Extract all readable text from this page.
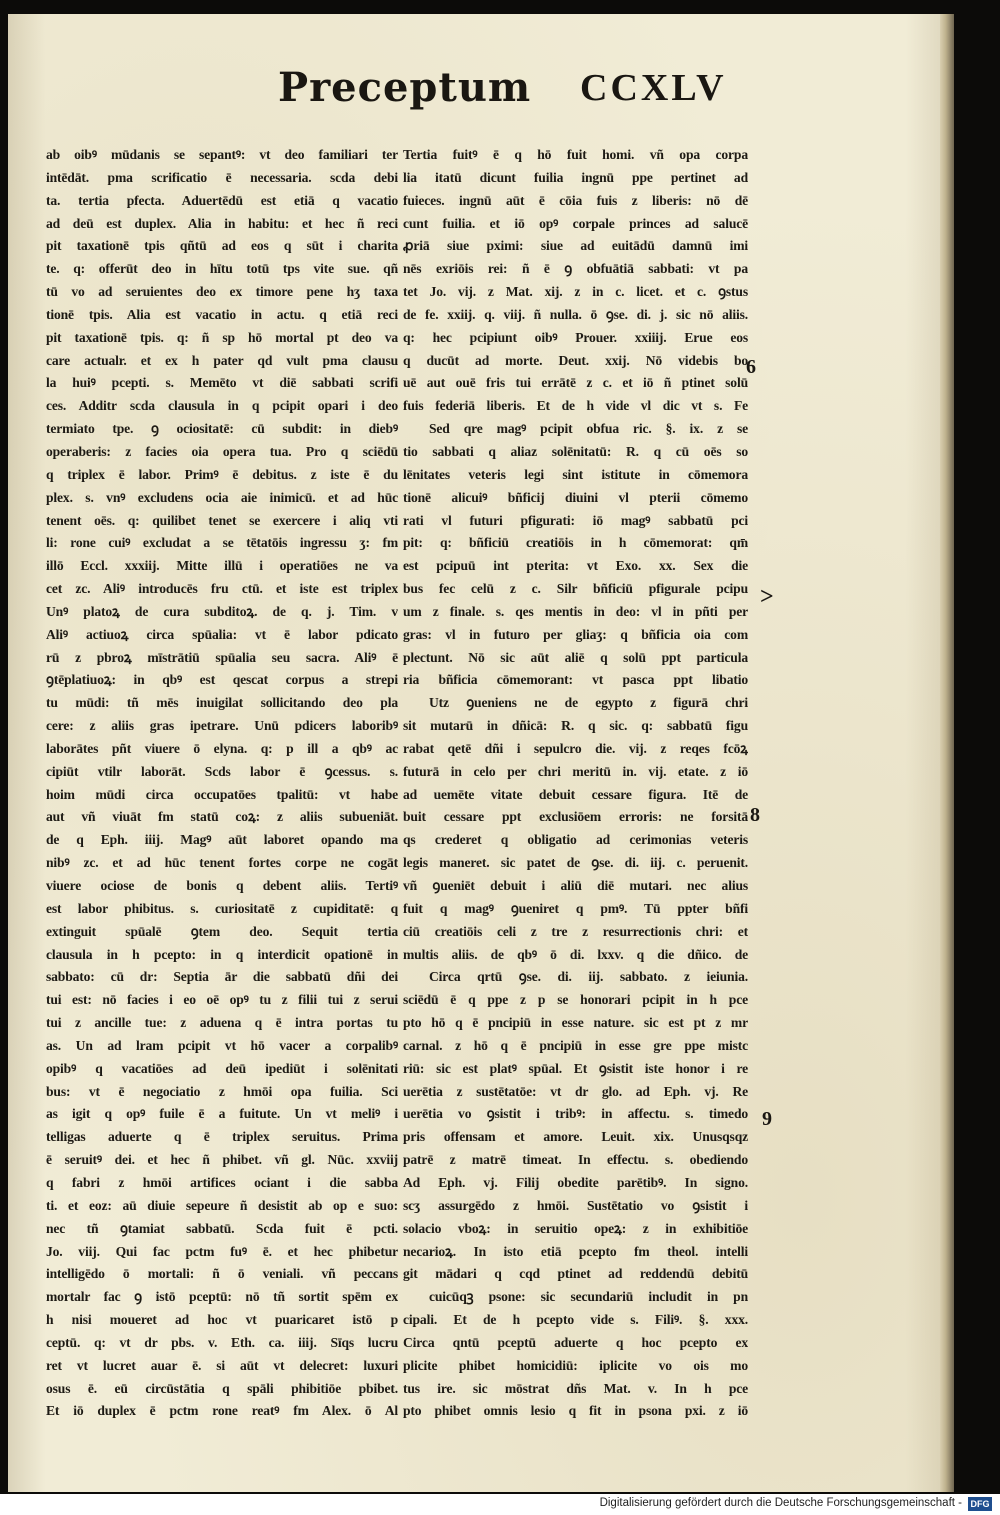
Preceptum CCXLV
ab oibꝰ mūdanis se sepantꝰ: vt deo familiari ter
intēdāt. pma scrificatio ē necessaria. scda debi
ta. tertia pfecta. Aduertēdū est etiā q vacatio
ad deū est duplex. Alia in habitu: et hec ñ reci
pit taxationē tpis qñtū ad eos q sūt i charita
te. q: offerūt deo in hītu totū tps vite sue. qñ
tū vo ad seruientes deo ex timore pene hʒ taxa
tionē tpis. Alia est vacatio in actu. q etiā reci
pit taxationē tpis. q: ñ sp hō mortal pt deo va
care actualr. et ex h pater qd vult pma clausu
la huiꝰ pcepti. s. Memēto vt diē sabbati scrifi
ces. Additr scda clausula in q pcipit opari i deo
termiato tpe. ꝯ ociositatē: cū subdit: in diebꝰ
operaberis: z facies oia opera tua. Pro q sciēdū
q triplex ē labor. Primꝰ ē debitus. z iste ē du
plex. s. vnꝰ excludens ocia aie inimicū. et ad hūc
tenent oēs. q: quilibet tenet se exercere i aliq vti
li: rone cuiꝰ excludat a se tētatōis ingressu ʒ: fm
illō Eccl. xxxiij. Mitte illū i operatiōes ne va
cet zc. Aliꝰ introducēs fru ctū. et iste est triplex
Unꝰ platoꝝ de cura subditoꝝ. de q. j. Tim. v
Aliꝰ actiuoꝝ circa spūalia: vt ē labor pdicato
rū z pbroꝝ mīstrātiū spūalia seu sacra. Aliꝰ ē
ꝯtēplatiuoꝝ: in qbꝰ est qescat corpus a strepi
tu mūdi: tñ mēs inuigilat sollicitando deo pla
cere: z aliis gras ipetrare. Unū pdicers laboribꝰ
laborātes pñt viuere ō elyna. q: p ill a qbꝰ ac
cipiūt vtilr laborāt. Scds labor ē ꝯcessus. s.
hoim mūdi circa occupatōes tpalitū: vt habe
aut vñ viuāt fm statū coꝝ: z aliis subueniāt.
de q Eph. iiij. Magꝰ aūt laboret opando ma
nibꝰ zc. et ad hūc tenent fortes corpe ne cogāt
viuere ociose de bonis q debent aliis. Tertiꝰ
est labor phibitus. s. curiositatē z cupiditatē: q
extinguit spūalē ꝯtem deo. Sequit tertia
clausula in h pcepto: in q interdicit opationē in
sabbato: cū dr: Septia ār die sabbatū dñi dei
tui est: nō facies i eo oē opꝰ tu z filii tui z serui
tui z ancille tue: z aduena q ē intra portas tu
as. Un ad lram pcipit vt hō vacer a corpalibꝰ
opibꝰ q vacatiōes ad deū ipediūt i solēnitati
bus: vt ē negociatio z hmōi opa fuilia. Sci
as igit q opꝰ fuile ē a fuitute. Un vt meliꝰ i
telligas aduerte q ē triplex seruitus. Prima
ē seruitꝰ dei. et hec ñ phibet. vñ gl. Nūc. xxviij
q fabri z hmōi artifices ociant i die sabba
ti. et eoz: aū diuie sepeure ñ desistit ab op e suo:
nec tñ ꝯtamiat sabbatū. Scda fuit ē pcti.
Jo. viij. Qui fac pctm fuꝰ ē. et hec phibetur
intelligēdo ō mortali: ñ ō veniali. vñ peccans
mortalr fac ꝯ istō pceptū: nō tñ sortit spēm ex
h nisi moueret ad hoc vt puaricaret istō p
ceptū. q: vt dr pbs. v. Eth. ca. iiij. Sīqs lucru
ret vt lucret auar ē. si aūt vt delecret: luxuri
osus ē. eū circūstātia q spāli phibitiōe pbibet.
Et iō duplex ē pctm rone reatꝰ fm Alex. ō Al
Tertia fuitꝰ ē q hō fuit homi. vñ opa corpa
lia itatū dicunt fuilia ingnū ppe pertinet ad
fuieces. ingnū aūt ē cōia fuis z liberis: nō dē
cunt fuilia. et iō opꝰ corpale princes ad salucē
ꝓriā siue pximi: siue ad euitādū damnū imi
nēs exriōis rei: ñ ē ꝯ obfuātiā sabbati: vt pa
tet Jo. vij. z Mat. xij. z in c. licet. et c. ꝯstus
de fe. xxiij. q. viij. ñ nulla. ō ꝯse. di. j. sic nō aliis.
q: hec pcipiunt oibꝰ Prouer. xxiiij. Erue eos
q ducūt ad morte. Deut. xxij. Nō videbis bo
uē aut ouē fris tui errātē z c. et iō ñ ptinet solū
fuis federiā liberis. Et de h vide vl dic vt s. Fe
Sed qre magꝰ pcipit obfua ric. §. ix. z se
tio sabbati q aliaz solēnitatū: R. q cū oēs so
lēnitates veteris legi sint istitute in cōmemora
tionē alicuiꝰ bñficij diuini vl pterii cōmemo
rati vl futuri pfigurati: iō magꝰ sabbatū pci
pit: q: bñficiū creatiōis in h cōmemorat: qm̄
est pcipuū int pterita: vt Exo. xx. Sex die
bus fec celū z c. Silr bñficiū pfigurale pcipu
um z finale. s. qes mentis in deo: vl in pñti per
gras: vl in futuro per gliaʒ: q bñficia oia com
plectunt. Nō sic aūt aliē q solū ppt particula
ria bñficia cōmemorant: vt pasca ppt libatio
Utz ꝯueniens ne de egypto z figurā chri
sit mutarū in dñicā: R. q sic. q: sabbatū figu
rabat qetē dñi i sepulcro die. vij. z reqes fcōꝝ
futurā in celo per chri meritū in. vij. etate. z iō
ad uemēte vitate debuit cessare figura. Itē de
buit cessare ppt exclusiōem erroris: ne forsitā
qs crederet q obligatio ad cerimonias veteris
legis maneret. sic patet de ꝯse. di. iij. c. peruenit.
vñ ꝯueniēt debuit i aliū diē mutari. nec alius
fuit q magꝰ ꝯueniret q pmꝰ. Tū ppter bñfi
ciū creatiōis celi z tre z resurrectionis chri: et
multis aliis. de qbꝰ ō di. lxxv. q die dñico. de
Circa qrtū ꝯse. di. iij. sabbato. z ieiunia.
sciēdū ē q ppe z p se honorari pcipit in h pce
pto hō q ē pncipiū in esse nature. sic est pt z mr
carnal. z hō q ē pncipiū in esse gre ppe mistc
riū: sic est platꝰ spūal. Et ꝯsistit iste honor i re
uerētia z sustētatōe: vt dr glo. ad Eph. vj. Re
uerētia vo ꝯsistit i tribꝰ: in affectu. s. timedo
pris offensam et amore. Leuit. xix. Unusqsqz
patrē z matrē timeat. In effectu. s. obediendo
Ad Eph. vj. Filij obedite parētibꝰ. In signo.
scʒ assurgēdo z hmōi. Sustētatio vo ꝯsistit i
solacio vboꝝ: in seruitio opeꝝ: z in exhibitiōe
necarioꝝ. In isto etiā pcepto fm theol. intelli
git mādari q cqd ptinet ad reddendū debitū
cuicūqꝫ psone: sic secundariū includit in pn
cipali. Et de h pcepto vide s. Filiꝰ. §. xxx.
Circa qntū pceptū aduerte q hoc pcepto ex
plicite phibet homicidiū: iplicite vo ois mo
tus ire. sic mōstrat dñs Mat. v. In h pce
pto phibet omnis lesio q fit in psona pxi. z iō
6
>
8
9
Digitalisierung gefördert durch die Deutsche Forschungsgemeinschaft - DFG
